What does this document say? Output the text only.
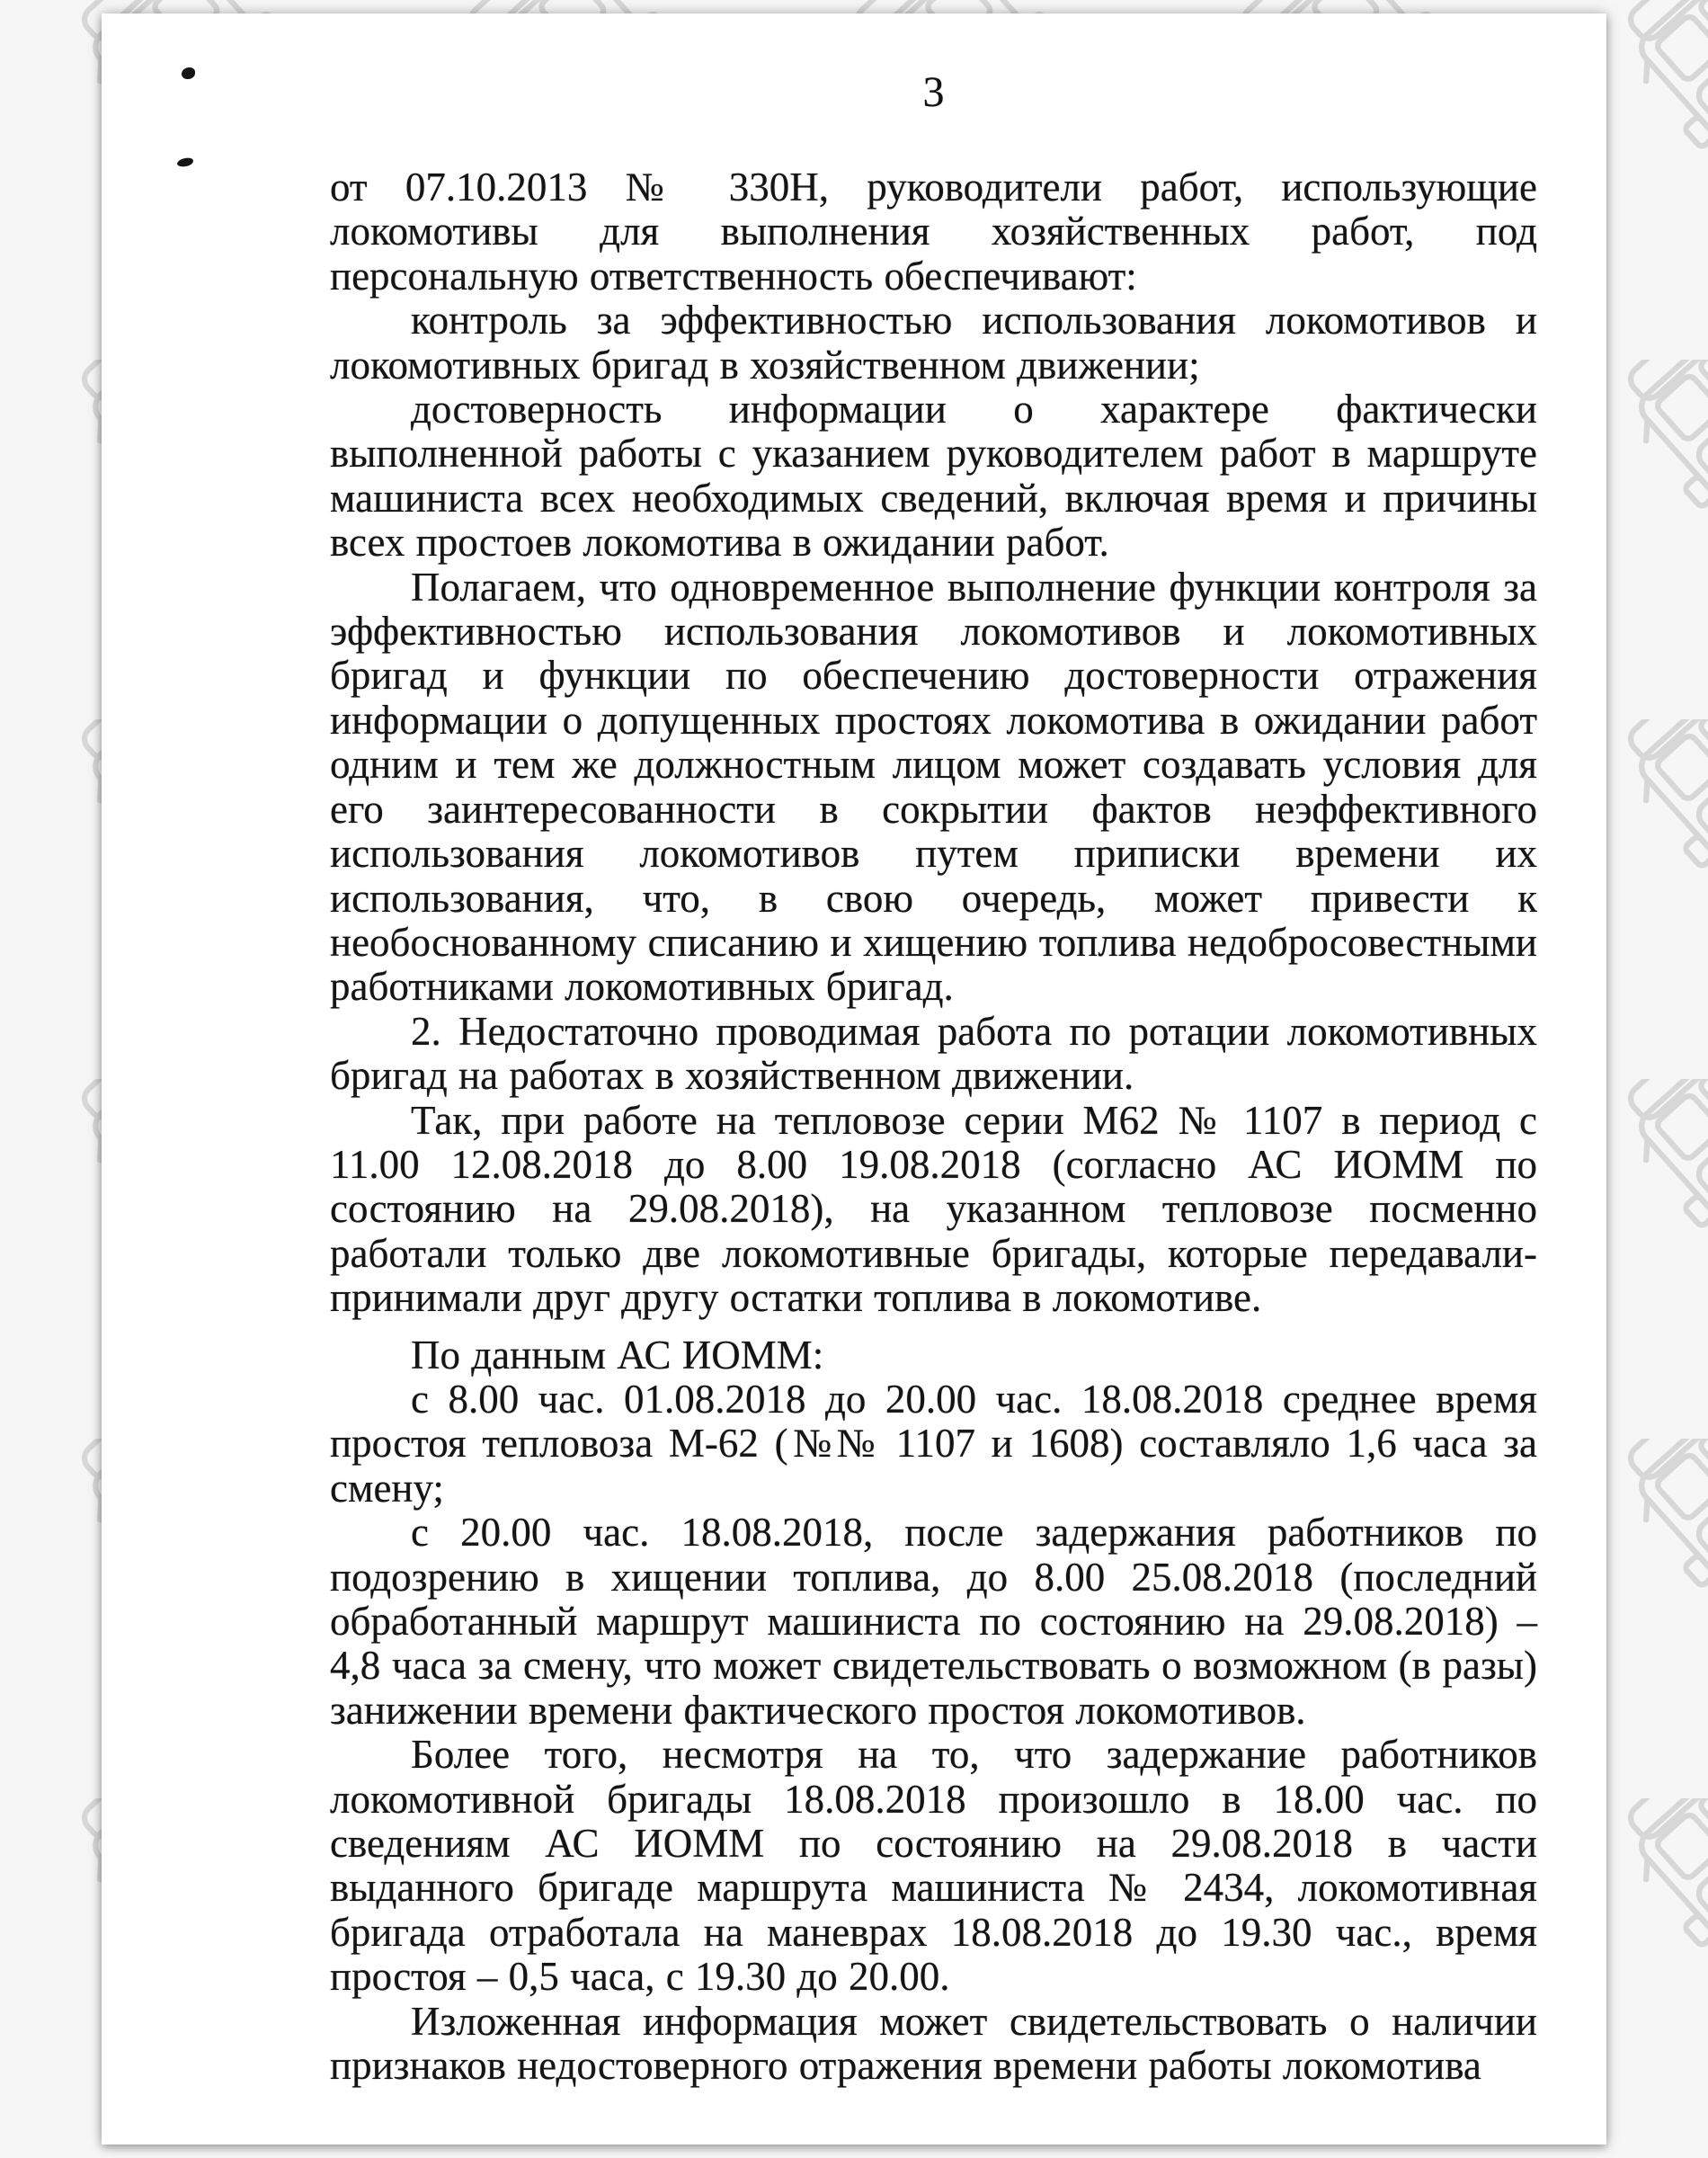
3

от 07.10.2013 № 330Н, руководители работ, использующие локомотивы для выполнения хозяйственных работ, под персональную ответственность обеспечивают:

контроль за эффективностью использования локомотивов и локомотивных бригад в хозяйственном движении;

достоверность информации о характере фактически выполненной работы с указанием руководителем работ в маршруте машиниста всех необходимых сведений, включая время и причины всех простоев локомотива в ожидании работ.

Полагаем, что одновременное выполнение функции контроля за эффективностью использования локомотивов и локомотивных бригад и функции по обеспечению достоверности отражения информации о допущенных простоях локомотива в ожидании работ одним и тем же должностным лицом может создавать условия для его заинтересованности в сокрытии фактов неэффективного использования локомотивов путем приписки времени их использования, что, в свою очередь, может привести к необоснованному списанию и хищению топлива недобросовестными работниками локомотивных бригад.

2. Недостаточно проводимая работа по ротации локомотивных бригад на работах в хозяйственном движении.

Так, при работе на тепловозе серии М62 № 1107 в период с 11.00 12.08.2018 до 8.00 19.08.2018 (согласно АС ИОММ по состоянию на 29.08.2018), на указанном тепловозе посменно работали только две локомотивные бригады, которые передавали-принимали друг другу остатки топлива в локомотиве.

По данным АС ИОММ:

с 8.00 час. 01.08.2018 до 20.00 час. 18.08.2018 среднее время простоя тепловоза М-62 (№№ 1107 и 1608) составляло 1,6 часа за смену;

с 20.00 час. 18.08.2018, после задержания работников по подозрению в хищении топлива, до 8.00 25.08.2018 (последний обработанный маршрут машиниста по состоянию на 29.08.2018) – 4,8 часа за смену, что может свидетельствовать о возможном (в разы) занижении времени фактического простоя локомотивов.

Более того, несмотря на то, что задержание работников локомотивной бригады 18.08.2018 произошло в 18.00 час. по сведениям АС ИОММ по состоянию на 29.08.2018 в части выданного бригаде маршрута машиниста № 2434, локомотивная бригада отработала на маневрах 18.08.2018 до 19.30 час., время простоя – 0,5 часа, с 19.30 до 20.00.

Изложенная информация может свидетельствовать о наличии признаков недостоверного отражения времени работы локомотива
